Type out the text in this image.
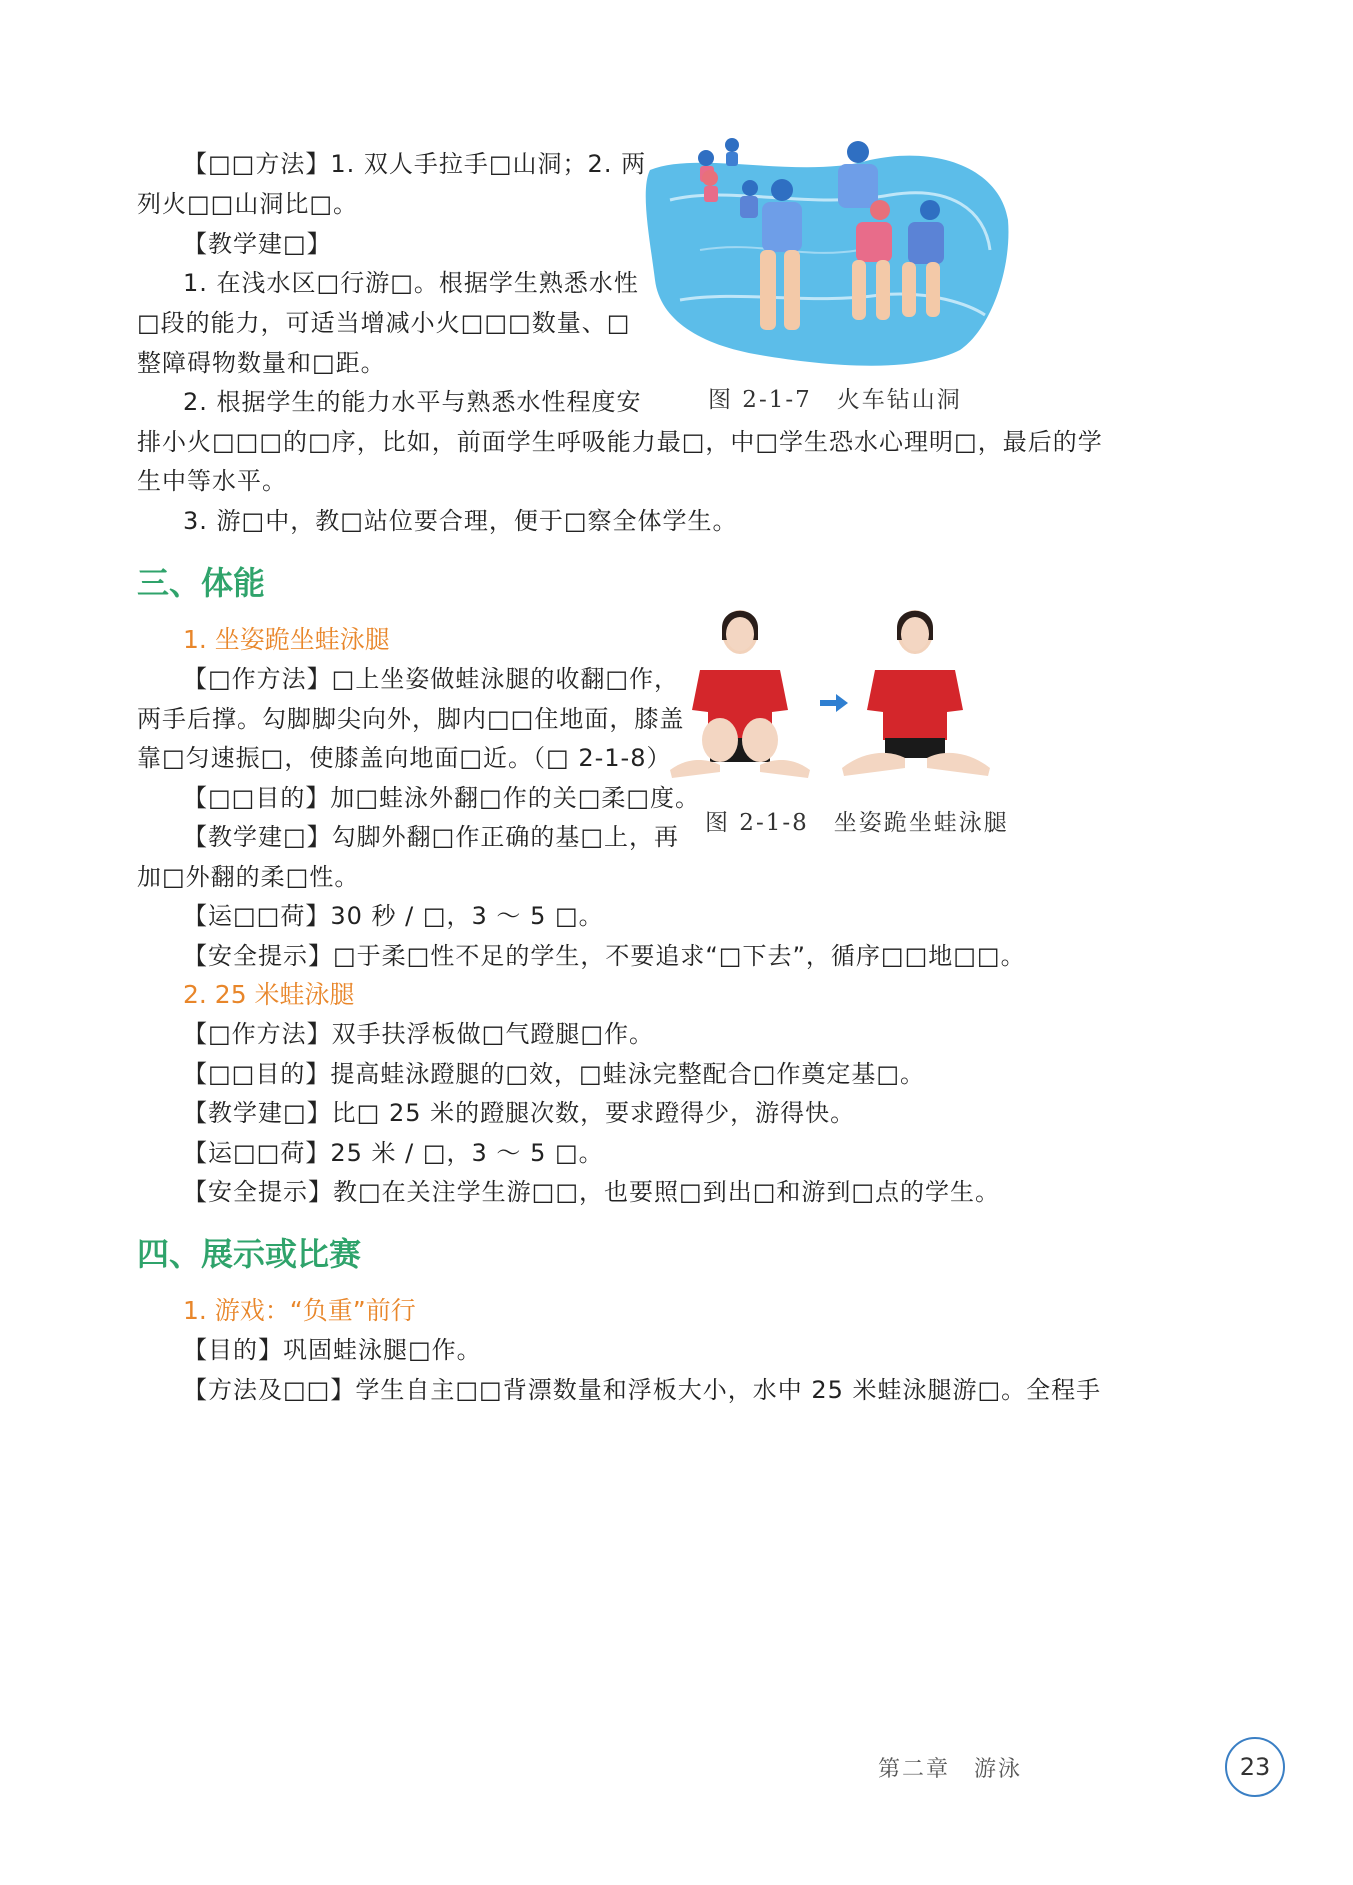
【□□方法】1. 双人手拉手□山洞；2. 两
列火□□山洞比□。
【教学建□】
1. 在浅水区□行游□。根据学生熟悉水性
□段的能力，可适当增减小火□□□数量、□
整障碍物数量和□距。
2. 根据学生的能力水平与熟悉水性程度安
排小火□□□的□序，比如，前面学生呼吸能力最□，中□学生恐水心理明□，最后的学
生中等水平。
3. 游□中，教□站位要合理，便于□察全体学生。
图 2-1-7　火车钻山洞
三、体能
1. 坐姿跪坐蛙泳腿
【□作方法】□上坐姿做蛙泳腿的收翻□作，
两手后撑。勾脚脚尖向外，脚内□□住地面，膝盖
靠□匀速振□，使膝盖向地面□近。（□ 2-1-8）
【□□目的】加□蛙泳外翻□作的关□柔□度。
【教学建□】勾脚外翻□作正确的基□上，再
加□外翻的柔□性。
【运□□荷】30 秒 / □，3 ～ 5 □。
【安全提示】□于柔□性不足的学生，不要追求“□下去”，循序□□地□□。
图 2-1-8　坐姿跪坐蛙泳腿
2. 25 米蛙泳腿
【□作方法】双手扶浮板做□气蹬腿□作。
【□□目的】提高蛙泳蹬腿的□效，□蛙泳完整配合□作奠定基□。
【教学建□】比□ 25 米的蹬腿次数，要求蹬得少，游得快。
【运□□荷】25 米 / □，3 ～ 5 □。
【安全提示】教□在关注学生游□□，也要照□到出□和游到□点的学生。
四、展示或比赛
1. 游戏：“负重”前行
【目的】巩固蛙泳腿□作。
【方法及□□】学生自主□□背漂数量和浮板大小，水中 25 米蛙泳腿游□。全程手
第二章　游泳	23
